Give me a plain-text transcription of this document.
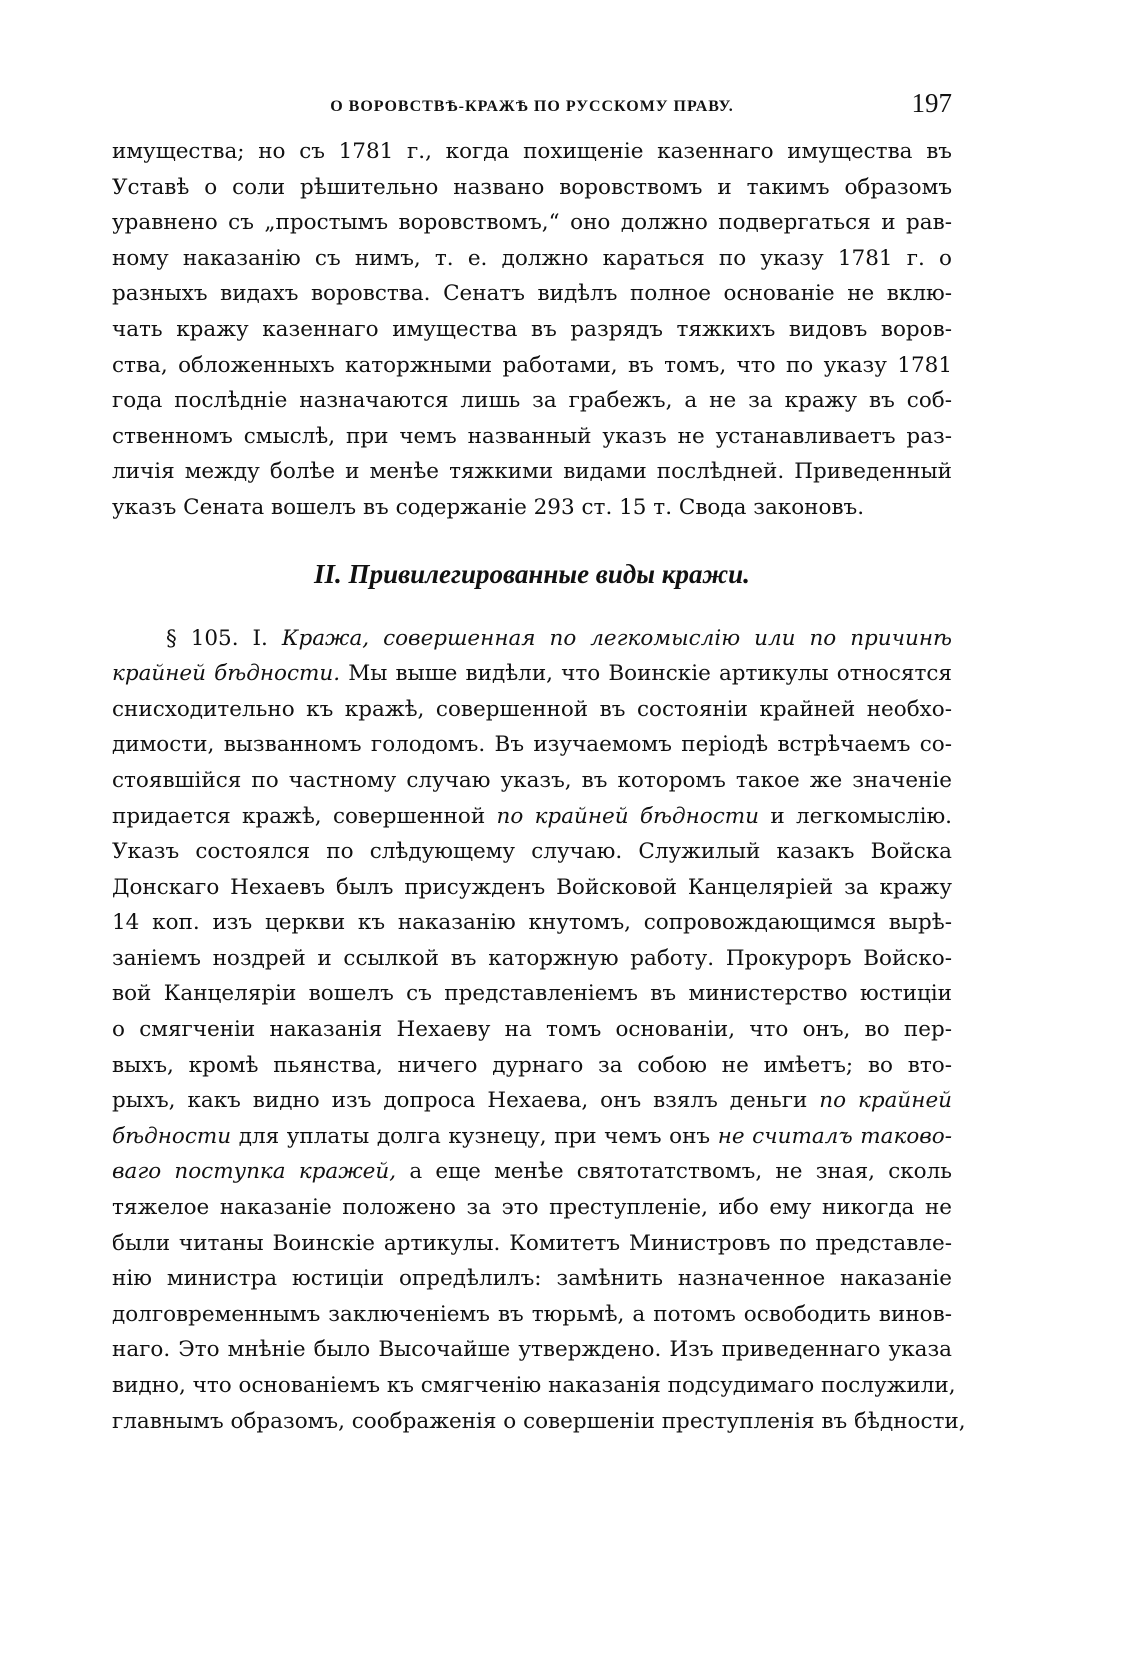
О ВОРОВСТВѢ-КРАЖѢ ПО РУССКОМУ ПРАВУ.	197
имущества; но съ 1781 г., когда похищеніе казеннаго имущества въ
Уставѣ о соли рѣшительно названо воровствомъ и такимъ образомъ
уравнено съ „простымъ воровствомъ,“ оно должно подвергаться и рав-
ному наказанію съ нимъ, т. е. должно караться по указу 1781 г. о
разныхъ видахъ воровства. Сенатъ видѣлъ полное основаніе не вклю-
чать кражу казеннаго имущества въ разрядъ тяжкихъ видовъ воров-
ства, обложенныхъ каторжными работами, въ томъ, что по указу 1781
года послѣдніе назначаются лишь за грабежъ, а не за кражу въ соб-
ственномъ смыслѣ, при чемъ названный указъ не устанавливаетъ раз-
личія между болѣе и менѣе тяжкими видами послѣдней. Приведенный
указъ Сената вошелъ въ содержаніе 293 ст. 15 т. Свода законовъ.
II. Привилегированные виды кражи.
§ 105. I. Кража, совершенная по легкомыслію или по причинѣ
крайней бѣдности. Мы выше видѣли, что Воинскіе артикулы относятся
снисходительно къ кражѣ, совершенной въ состояніи крайней необхо-
димости, вызванномъ голодомъ. Въ изучаемомъ періодѣ встрѣчаемъ со-
стоявшійся по частному случаю указъ, въ которомъ такое же значеніе
придается кражѣ, совершенной по крайней бѣдности и легкомыслію.
Указъ состоялся по слѣдующему случаю. Служилый казакъ Войска
Донскаго Нехаевъ былъ присужденъ Войсковой Канцеляріей за кражу
14 коп. изъ церкви къ наказанію кнутомъ, сопровождающимся вырѣ-
заніемъ ноздрей и ссылкой въ каторжную работу. Прокуроръ Войско-
вой Канцеляріи вошелъ съ представленіемъ въ министерство юстиціи
о смягченіи наказанія Нехаеву на томъ основаніи, что онъ, во пер-
выхъ, кромѣ пьянства, ничего дурнаго за собою не имѣетъ; во вто-
рыхъ, какъ видно изъ допроса Нехаева, онъ взялъ деньги по крайней
бѣдности для уплаты долга кузнецу, при чемъ онъ не считалъ таково-
ваго поступка кражей, а еще менѣе святотатствомъ, не зная, сколь
тяжелое наказаніе положено за это преступленіе, ибо ему никогда не
были читаны Воинскіе артикулы. Комитетъ Министровъ по представле-
нію министра юстиціи опредѣлилъ: замѣнить назначенное наказаніе
долговременнымъ заключеніемъ въ тюрьмѣ, а потомъ освободить винов-
наго. Это мнѣніе было Высочайше утверждено. Изъ приведеннаго указа
видно, что основаніемъ къ смягченію наказанія подсудимаго послужили,
главнымъ образомъ, соображенія о совершеніи преступленія въ бѣдности,
